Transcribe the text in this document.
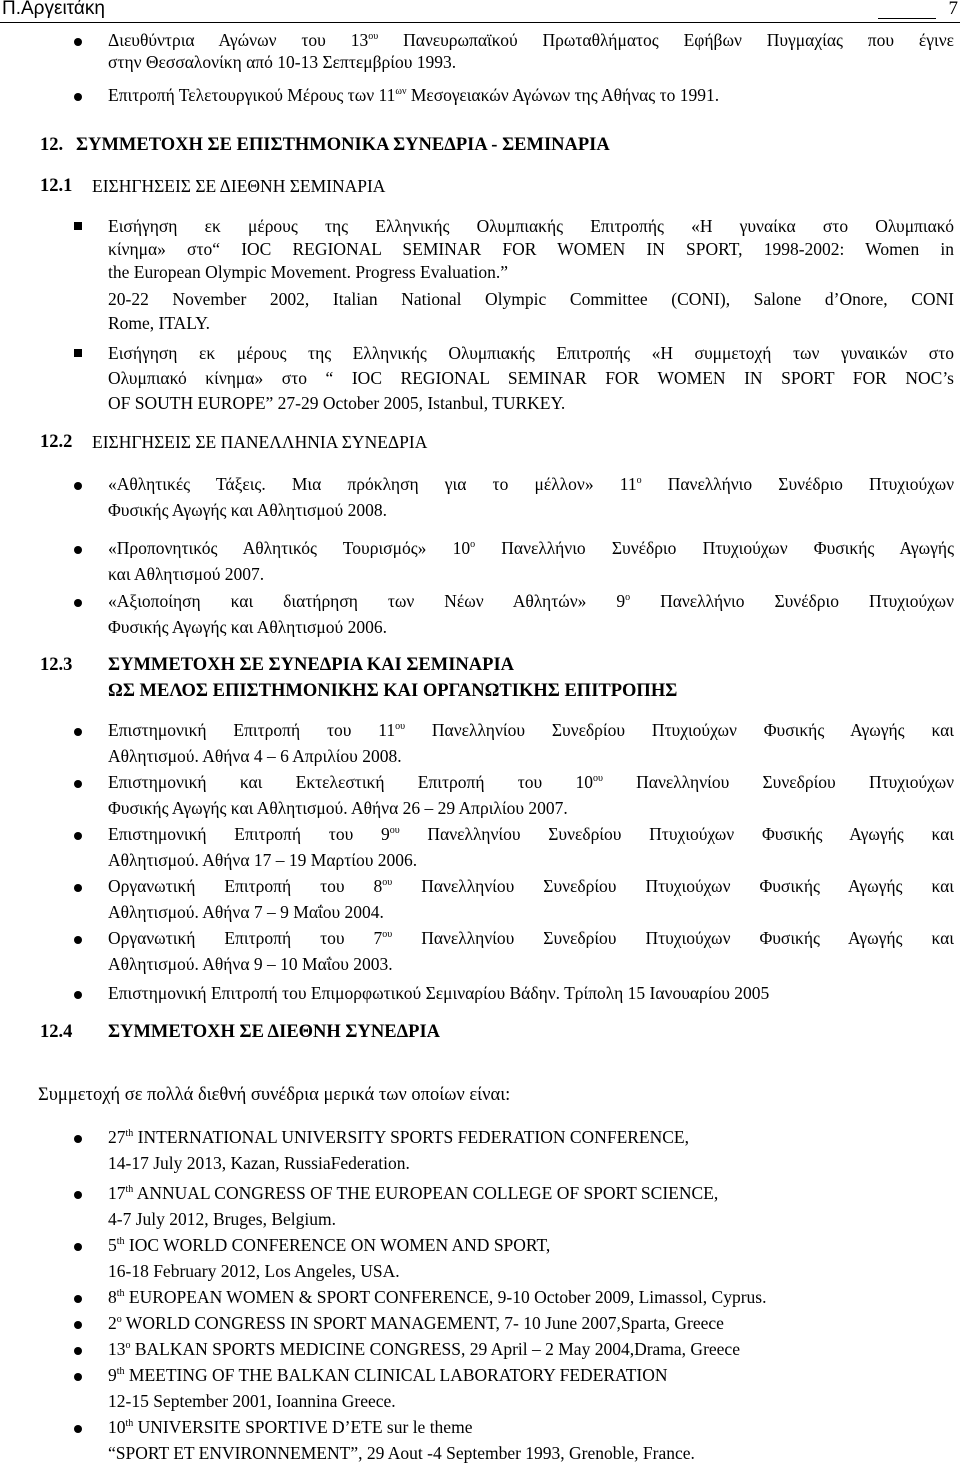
Π.Αργειτάκη	7
Διευθύντρια Αγώνων του $13^{o\upsilon}$ Πανευρωπαϊκού Πρωταθλήματος Εφήβων Πυγμαχίας που έγινε
στην Θεσσαλονίκη από 10-13 Σεπτεμβρίου 1993.
Επιτροπή Τελετουργικού Μέρους των $11^{\omega\nu}$ Μεσογειακών Αγώνων της Αθήνας το 1991.
12. ΣΥΜΜΕΤΟΧΗ ΣΕ ΕΠΙΣΤΗΜΟΝΙΚΑ ΣΥΝΕΔΡΙΑ - ΣΕΜΙΝΑΡΙΑ
12.1 ΕΙΣΗΓΗΣΕΙΣ ΣΕ ΔΙΕΘΝΗ ΣΕΜΙΝΑΡΙΑ
Εισήγηση εκ μέρους της Ελληνικής Ολυμπιακής Επιτροπής «Η γυναίκα στο Ολυμπιακό
κίνημα» στο“ IOC REGIONAL SEMINAR FOR WOMEN IN SPORT, 1998-2002: Women in
the European Olympic Movement. Progress Evaluation.”
20-22 November 2002, Italian National Olympic Committee (CONI), Salone d’Onore, CONI
Rome, ITALY.
Εισήγηση εκ μέρους της Ελληνικής Ολυμπιακής Επιτροπής «Η συμμετοχή των γυναικών στο
Ολυμπιακό κίνημα» στο “ IOC REGIONAL SEMINAR FOR WOMEN IN SPORT FOR NOC’s
OF SOUTH EUROPE” 27-29 October 2005, Istanbul, TURKEY.
12.2 ΕΙΣΗΓΗΣΕΙΣ ΣΕ ΠΑΝΕΛΛΗΝΙΑ ΣΥΝΕΔΡΙΑ
«Αθλητικές Τάξεις. Μια πρόκληση για το μέλλον» $11^o$ Πανελλήνιο Συνέδριο Πτυχιούχων
Φυσικής Αγωγής και Αθλητισμού 2008.
«Προπονητικός Αθλητικός Τουρισμός» $10^o$ Πανελλήνιο Συνέδριο Πτυχιούχων Φυσικής Αγωγής
και Αθλητισμού 2007.
«Αξιοποίηση και διατήρηση των Νέων Αθλητών» $9^o$ Πανελλήνιο Συνέδριο Πτυχιούχων
Φυσικής Αγωγής και Αθλητισμού 2006.
12.3 ΣΥΜΜΕΤΟΧΗ ΣΕ ΣΥΝΕΔΡΙΑ ΚΑΙ ΣΕΜΙΝΑΡΙΑ
ΩΣ ΜΕΛΟΣ ΕΠΙΣΤΗΜΟΝΙΚΗΣ ΚΑΙ ΟΡΓΑΝΩΤΙΚΗΣ ΕΠΙΤΡΟΠΗΣ
Επιστημονική Επιτροπή του $11^{o\upsilon}$ Πανελληνίου Συνεδρίου Πτυχιούχων Φυσικής Αγωγής και
Αθλητισμού. Αθήνα 4 – 6 Απριλίου 2008.
Επιστημονική και Εκτελεστική Επιτροπή του $10^{o\upsilon}$ Πανελληνίου Συνεδρίου Πτυχιούχων
Φυσικής Αγωγής και Αθλητισμού. Αθήνα 26 – 29 Απριλίου 2007.
Επιστημονική Επιτροπή του $9^{o\upsilon}$ Πανελληνίου Συνεδρίου Πτυχιούχων Φυσικής Αγωγής και
Αθλητισμού. Αθήνα 17 – 19 Μαρτίου 2006.
Οργανωτική Επιτροπή του $8^{o\upsilon}$ Πανελληνίου Συνεδρίου Πτυχιούχων Φυσικής Αγωγής και
Αθλητισμού. Αθήνα 7 – 9 Μαΐου 2004.
Οργανωτική Επιτροπή του $7^{o\upsilon}$ Πανελληνίου Συνεδρίου Πτυχιούχων Φυσικής Αγωγής και
Αθλητισμού. Αθήνα 9 – 10 Μαΐου 2003.
Επιστημονική Επιτροπή του Επιμορφωτικού Σεμιναρίου Βάδην. Τρίπολη 15 Ιανουαρίου 2005
12.4 ΣΥΜΜΕΤΟΧΗ ΣΕ ΔΙΕΘΝΗ ΣΥΝΕΔΡΙΑ
Συμμετοχή σε πολλά διεθνή συνέδρια μερικά των οποίων είναι:
27th INTERNATIONAL UNIVERSITY SPORTS FEDERATION CONFERENCE,
14-17 July 2013, Kazan, RussiaFederation.
17th ANNUAL CONGRESS OF THE EUROPEAN COLLEGE OF SPORT SCIENCE,
4-7 July 2012, Bruges, Belgium.
5th IOC WORLD CONFERENCE ON WOMEN AND SPORT,
16-18 February 2012, Los Angeles, USA.
8th EUROPEAN WOMEN & SPORT CONFERENCE, 9-10 October 2009, Limassol, Cyprus.
2$^o$ WORLD CONGRESS IN SPORT MANAGEMENT, 7- 10 June 2007,Sparta, Greece
13$^o$ BALKAN SPORTS MEDICINE CONGRESS, 29 April – 2 May 2004,Drama, Greece
9th MEETING OF THE BALKAN CLINICAL LABORATORY FEDERATION
12-15 September 2001, Ioannina Greece.
10th UNIVERSITE SPORTIVE D’ETE sur le theme
“SPORT ET ENVIRONNEMENT”, 29 Aout -4 September 1993, Grenoble, France.
